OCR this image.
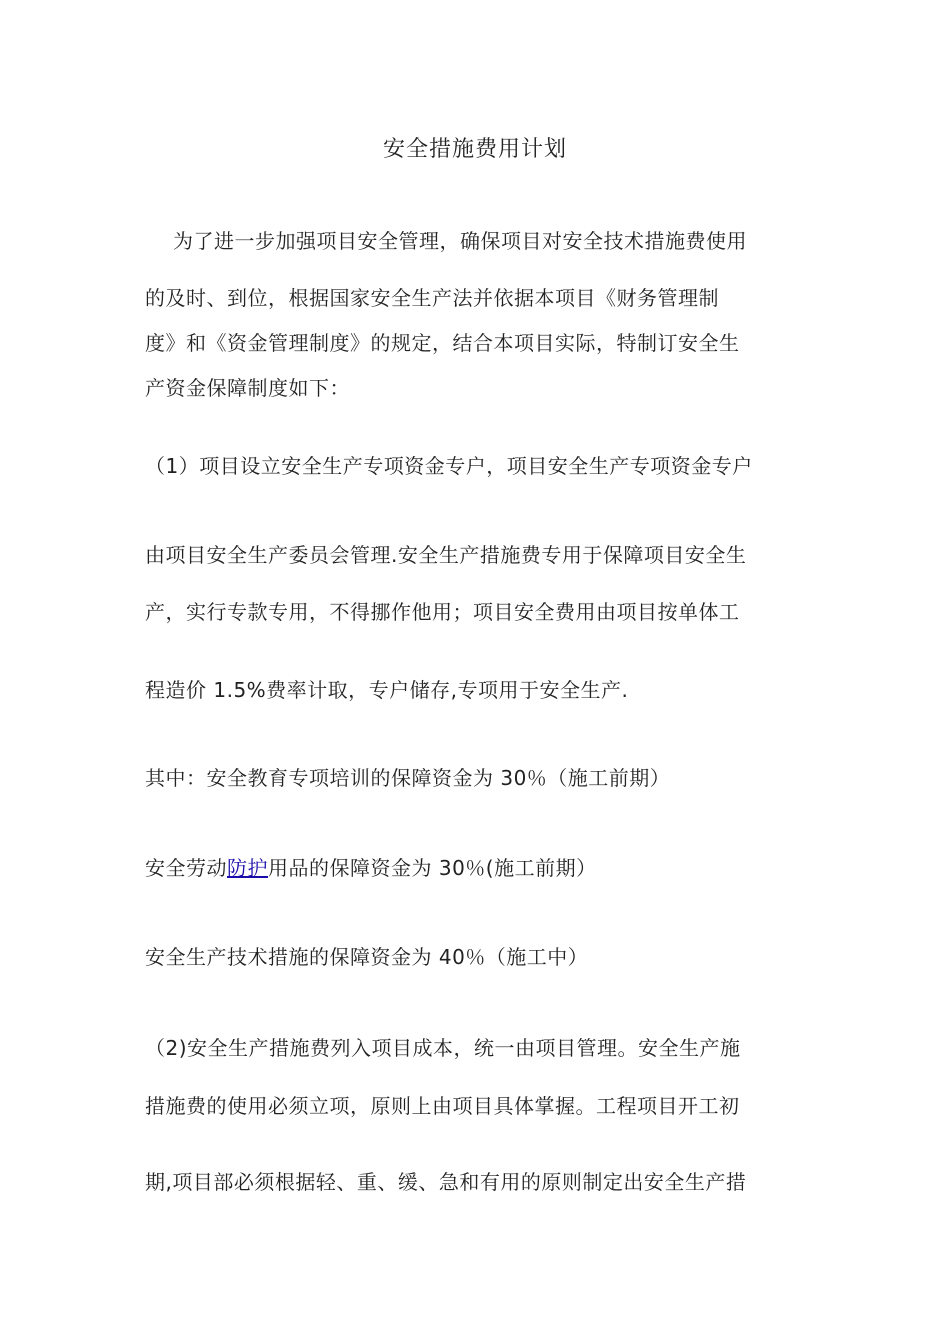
安全措施费用计划
为了进一步加强项目安全管理，确保项目对安全技术措施费使用
的及时、到位，根据国家安全生产法并依据本项目《财务管理制
度》和《资金管理制度》的规定，结合本项目实际，特制订安全生
产资金保障制度如下：
（1）项目设立安全生产专项资金专户，项目安全生产专项资金专户
由项目安全生产委员会管理.安全生产措施费专用于保障项目安全生
产，实行专款专用，不得挪作他用；项目安全费用由项目按单体工
程造价 1.5%费率计取，专户储存,专项用于安全生产.
其中：安全教育专项培训的保障资金为 30％（施工前期）
安全劳动防护用品的保障资金为 30％(施工前期）
安全生产技术措施的保障资金为 40％（施工中）
（2)安全生产措施费列入项目成本，统一由项目管理。安全生产施
措施费的使用必须立项，原则上由项目具体掌握。工程项目开工初
期,项目部必须根据轻、重、缓、急和有用的原则制定出安全生产措
